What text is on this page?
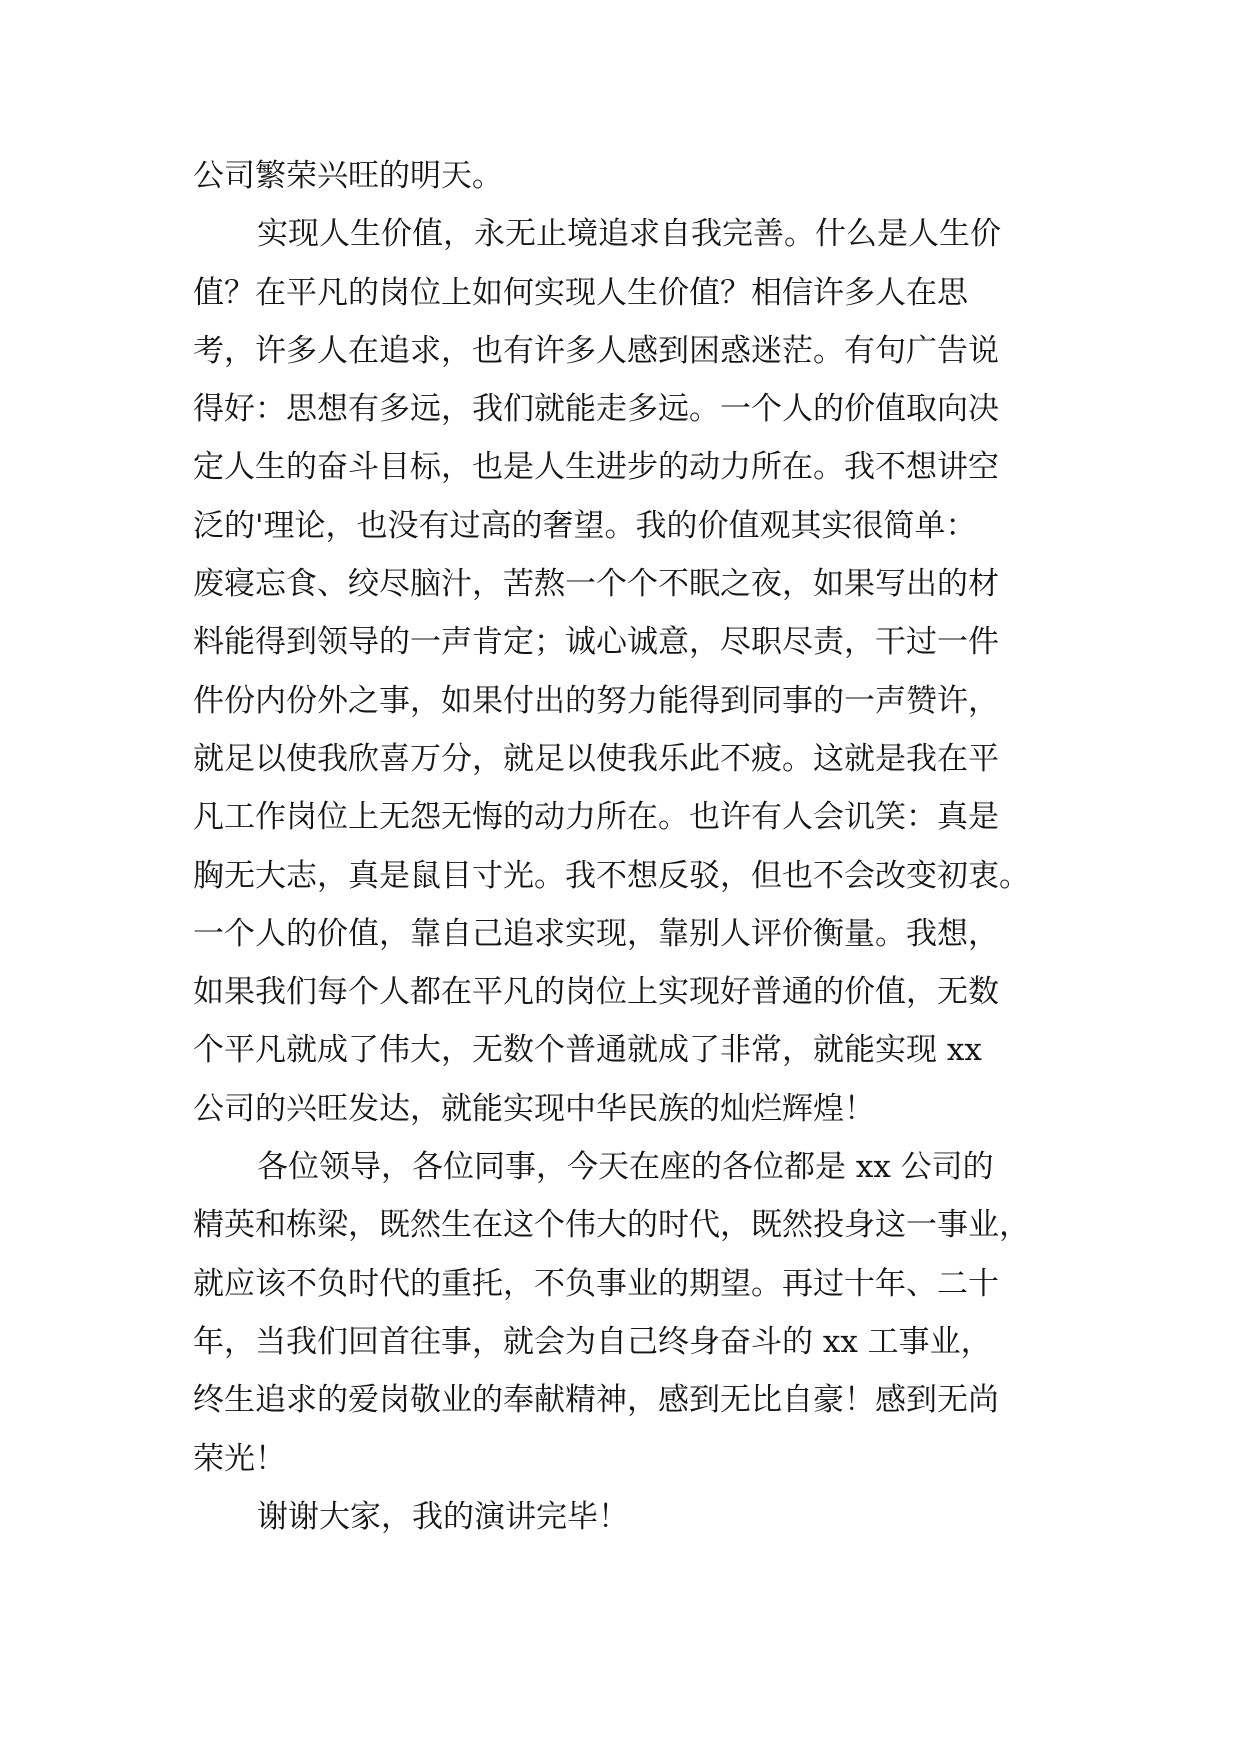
公司繁荣兴旺的明天。
实现人生价值，永无止境追求自我完善。什么是人生价
值？在平凡的岗位上如何实现人生价值？相信许多人在思
考，许多人在追求，也有许多人感到困惑迷茫。有句广告说
得好：思想有多远，我们就能走多远。一个人的价值取向决
定人生的奋斗目标，也是人生进步的动力所在。我不想讲空
泛的'理论，也没有过高的奢望。我的价值观其实很简单：
废寝忘食、绞尽脑汁，苦熬一个个不眠之夜，如果写出的材
料能得到领导的一声肯定；诚心诚意，尽职尽责，干过一件
件份内份外之事，如果付出的努力能得到同事的一声赞许，
就足以使我欣喜万分，就足以使我乐此不疲。这就是我在平
凡工作岗位上无怨无悔的动力所在。也许有人会讥笑：真是
胸无大志，真是鼠目寸光。我不想反驳，但也不会改变初衷。
一个人的价值，靠自己追求实现，靠别人评价衡量。我想，
如果我们每个人都在平凡的岗位上实现好普通的价值，无数
个平凡就成了伟大，无数个普通就成了非常，就能实现 xx
公司的兴旺发达，就能实现中华民族的灿烂辉煌！
各位领导，各位同事，今天在座的各位都是 xx 公司的
精英和栋梁，既然生在这个伟大的时代，既然投身这一事业，
就应该不负时代的重托，不负事业的期望。再过十年、二十
年，当我们回首往事，就会为自己终身奋斗的 xx 工事业，
终生追求的爱岗敬业的奉献精神，感到无比自豪！感到无尚
荣光！
谢谢大家，我的演讲完毕！
